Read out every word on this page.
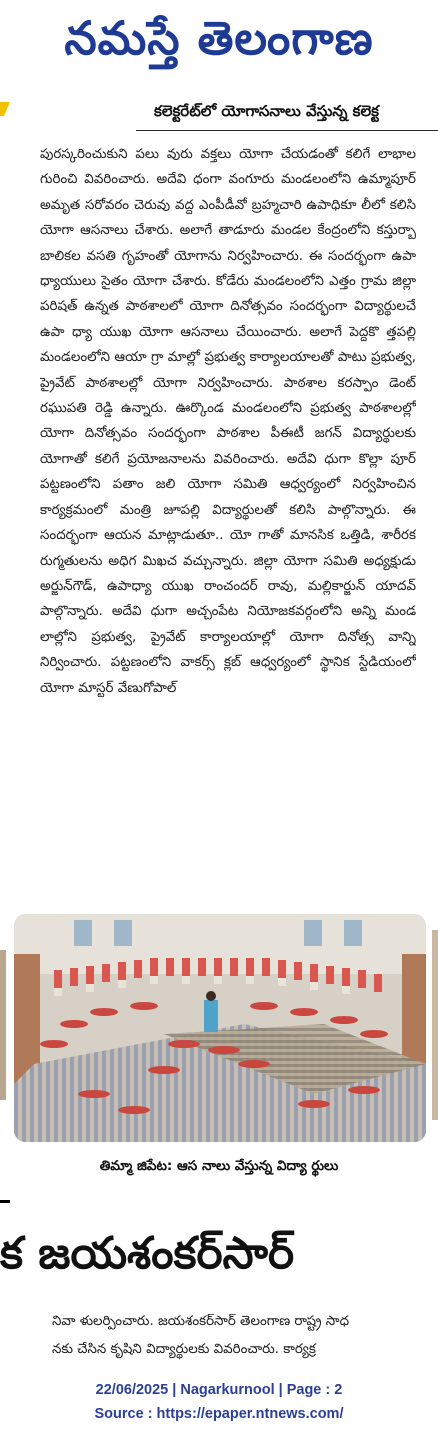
నమస్తే తెలంగాణ
కలెక్టరేట్‌లో యోగాసనాలు వేస్తున్న కలెక్ట

పురస్కరించుకుని పలు వురు వక్తలు యోగా చేయడంతో కలిగే లాభాల గురించి వివరించారు. అదేవి ధంగా వంగూరు మండలంలోని ఉమ్మాపూర్ అమృత సరోవరం చెరువు వద్ద ఎంపీడీవో బ్రహ్మచారి ఉపాధికూ లీలో కలిసి యోగా ఆసనాలు చేశారు. అలాగే తాడూరు మండల కేంద్రంలోని కస్తుర్బా బాలికల వసతి గృహంతో యోగాను నిర్వహించారు. ఈ సందర్భంగా ఉపా ధ్యాయులు సైతం యోగా చేశారు. కోడేరు మండలంలోని ఎత్తం గ్రామ జిల్లా పరిషత్ ఉన్నత పాఠశాలలో యోగా దినోత్సవం సందర్భంగా విద్యార్థులచే ఉపా ధ్యా యుఖ యోగా ఆసనాలు చేయించారు. అలాగే పెద్దకొ త్తపల్లి మండలంలోని ఆయా గ్రా మాల్లో ప్రభుత్వ కార్యాలయాలతో పాటు ప్రభుత్వ, ప్రైవేట్ పాఠశాలల్లో యోగా నిర్వహించారు. పాఠశాల కరస్పాం డెంట్ రఘుపతి రెడ్డి ఉన్నారు. ఊర్కొండ మండలంలోని ప్రభుత్వ పాఠశాలల్లో యోగా దినోత్సవం సందర్భంగా పాఠశాల పీఈటీ జగన్ విద్యార్థులకు యోగాతో కలిగే ప్రయోజనాలను వివరించారు. అదేవి ధుగా కొల్లా పూర్ పట్టణంలోని పతాం జలి యోగా సమితి ఆధ్వర్యంలో నిర్వహించిన కార్యక్రమంలో మంత్రి జూపల్లి విద్యార్థులతో కలిసి పాల్గొన్నారు. ఈ సందర్భంగా ఆయన మాట్లాడుతూ.. యో గాతో మానసిక ఒత్తిడి, శారీరక రుగ్మతులను అధిగ మిఖచ వచ్చున్నారు. జిల్లా యోగా సమితి అధ్యక్షుడు అర్జున్‌గౌడ్, ఉపాధ్యా యుఖ రాంచందర్ రావు, మల్లికార్జున్ యాదవ్ పాల్గొన్నారు. అదేవి ధుగా అచ్చంపేట నియోజకవర్గంలోని అన్ని మండ లాల్లోని ప్రభుత్వ, ప్రైవేట్ కార్యాలయాల్లో యోగా దినోత్స వాన్ని నిర్వించారు. పట్టణంలోని వాకర్స్ క్లబ్ ఆధ్వర్యంలో స్థానిక స్టేడియంలో యోగా మాస్టర్ వేణుగోపాల్

తిమ్మా జిపేట: ఆస నాలు వేస్తున్న విద్యా ర్థులు
క జయశంకర్‌సార్
నివా ళులర్పించారు. జయశంకర్‌సార్ తెలంగాణ రాష్ట్ర సాధ
నకు చేసిన కృషిని విద్యార్థులకు వివరించారు. కార్యక్ర
22/06/2025 | Nagarkurnool | Page : 2
Source : https://epaper.ntnews.com/
